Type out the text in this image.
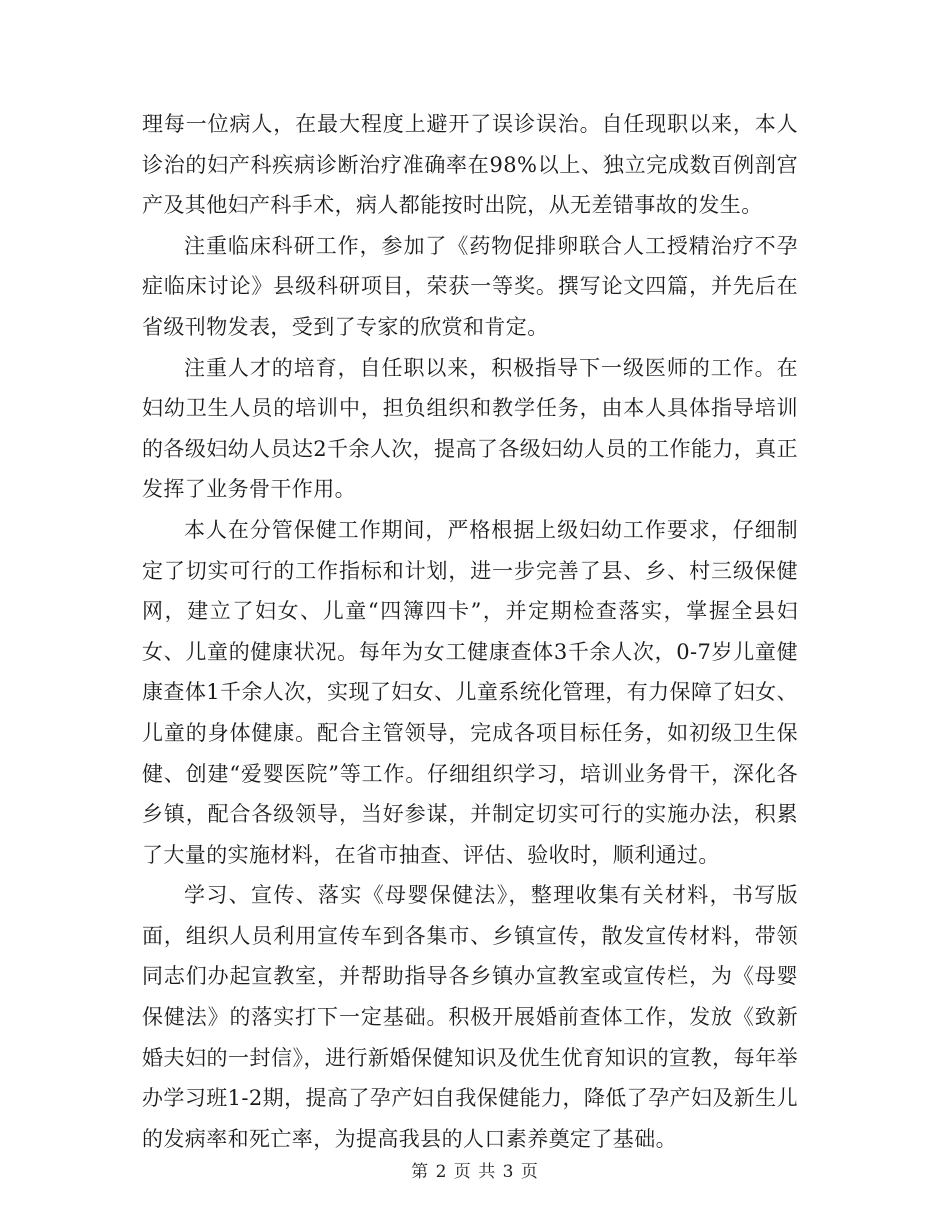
理每一位病人，在最大程度上避开了误诊误治。自任现职以来，本人诊治的妇产科疾病诊断治疗准确率在98%以上、独立完成数百例剖宫产及其他妇产科手术，病人都能按时出院，从无差错事故的发生。

注重临床科研工作，参加了《药物促排卵联合人工授精治疗不孕症临床讨论》县级科研项目，荣获一等奖。撰写论文四篇，并先后在省级刊物发表，受到了专家的欣赏和肯定。

注重人才的培育，自任职以来，积极指导下一级医师的工作。在妇幼卫生人员的培训中，担负组织和教学任务，由本人具体指导培训的各级妇幼人员达2千余人次，提高了各级妇幼人员的工作能力，真正发挥了业务骨干作用。

本人在分管保健工作期间，严格根据上级妇幼工作要求，仔细制定了切实可行的工作指标和计划，进一步完善了县、乡、村三级保健网，建立了妇女、儿童“四簿四卡”，并定期检查落实，掌握全县妇女、儿童的健康状况。每年为女工健康查体3千余人次，0-7岁儿童健康查体1千余人次，实现了妇女、儿童系统化管理，有力保障了妇女、儿童的身体健康。配合主管领导，完成各项目标任务，如初级卫生保健、创建“爱婴医院”等工作。仔细组织学习，培训业务骨干，深化各乡镇，配合各级领导，当好参谋，并制定切实可行的实施办法，积累了大量的实施材料，在省市抽查、评估、验收时，顺利通过。

学习、宣传、落实《母婴保健法》，整理收集有关材料，书写版面，组织人员利用宣传车到各集市、乡镇宣传，散发宣传材料，带领同志们办起宣教室，并帮助指导各乡镇办宣教室或宣传栏，为《母婴保健法》的落实打下一定基础。积极开展婚前查体工作，发放《致新婚夫妇的一封信》，进行新婚保健知识及优生优育知识的宣教，每年举办学习班1-2期，提高了孕产妇自我保健能力，降低了孕产妇及新生儿的发病率和死亡率，为提高我县的人口素养奠定了基础。

第 2 页 共 3 页
